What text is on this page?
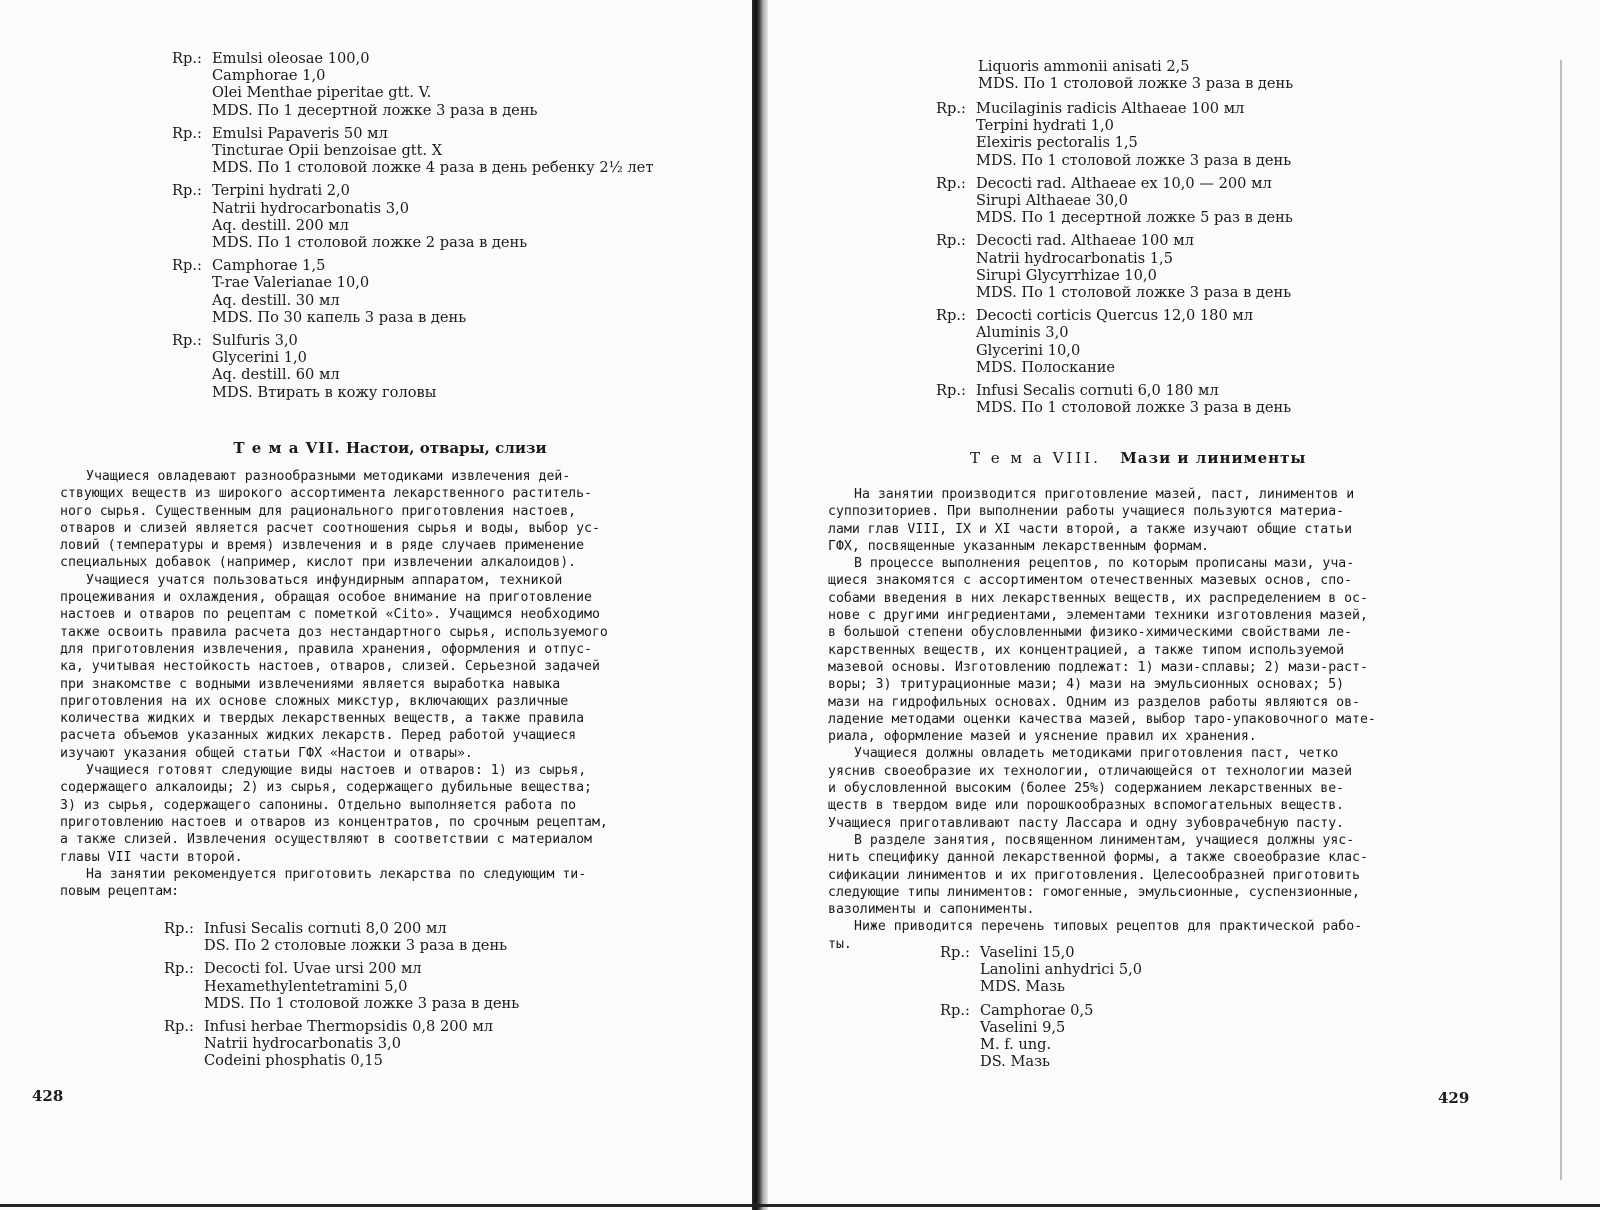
Rp.: Emulsi oleosae 100,0
Camphorae 1,0
Olei Menthae piperitae gtt. V.
MDS. По 1 десертной ложке 3 раза в день
Rp.: Emulsi Papaveris 50 мл
Tincturae Opii benzoisae gtt. X
MDS. По 1 столовой ложке 4 раза в день ребенку 2½ лет
Rp.: Terpini hydrati 2,0
Natrii hydrocarbonatis 3,0
Aq. destill. 200 мл
MDS. По 1 столовой ложке 2 раза в день
Rp.: Camphorae 1,5
T-rae Valerianae 10,0
Aq. destill. 30 мл
MDS. По 30 капель 3 раза в день
Rp.: Sulfuris 3,0
Glycerini 1,0
Aq. destill. 60 мл
MDS. Втирать в кожу головы
Т е м а VII. Настои, отвары, слизи
Учащиеся овладевают разнообразными методиками извлечения дей-
ствующих веществ из широкого ассортимента лекарственного раститель-
ного сырья. Существенным для рационального приготовления настоев,
отваров и слизей является расчет соотношения сырья и воды, выбор ус-
ловий (температуры и время) извлечения и в ряде случаев применение
специальных добавок (например, кислот при извлечении алкалоидов).
Учащиеся учатся пользоваться инфундирным аппаратом, техникой
процеживания и охлаждения, обращая особое внимание на приготовление
настоев и отваров по рецептам с пометкой «Cito». Учащимся необходимо
также освоить правила расчета доз нестандартного сырья, используемого
для приготовления извлечения, правила хранения, оформления и отпус-
ка, учитывая нестойкость настоев, отваров, слизей. Серьезной задачей
при знакомстве с водными извлечениями является выработка навыка
приготовления на их основе сложных микстур, включающих различные
количества жидких и твердых лекарственных веществ, а также правила
расчета объемов указанных жидких лекарств. Перед работой учащиеся
изучают указания общей статьи ГФХ «Настои и отвары».
Учащиеся готовят следующие виды настоев и отваров: 1) из сырья,
содержащего алкалоиды; 2) из сырья, содержащего дубильные вещества;
3) из сырья, содержащего сапонины. Отдельно выполняется работа по
приготовлению настоев и отваров из концентратов, по срочным рецептам,
а также слизей. Извлечения осуществляют в соответствии с материалом
главы VII части второй.
На занятии рекомендуется приготовить лекарства по следующим ти-
повым рецептам:
Rp.: Infusi Secalis cornuti 8,0 200 мл
DS. По 2 столовые ложки 3 раза в день
Rp.: Decocti fol. Uvae ursi 200 мл
Hexamethylentetramini 5,0
MDS. По 1 столовой ложке 3 раза в день
Rp.: Infusi herbae Thermopsidis 0,8 200 мл
Natrii hydrocarbonatis 3,0
Codeini phosphatis 0,15
428
Liquoris ammonii anisati 2,5
MDS. По 1 столовой ложке 3 раза в день
Rp.: Mucilaginis radicis Althaeae 100 мл
Terpini hydrati 1,0
Elexiris pectoralis 1,5
MDS. По 1 столовой ложке 3 раза в день
Rp.: Decocti rad. Althaeae ex 10,0 — 200 мл
Sirupi Althaeae 30,0
MDS. По 1 десертной ложке 5 раз в день
Rp.: Decocti rad. Althaeae 100 мл
Natrii hydrocarbonatis 1,5
Sirupi Glycyrrhizae 10,0
MDS. По 1 столовой ложке 3 раза в день
Rp.: Decocti corticis Quercus 12,0 180 мл
Aluminis 3,0
Glycerini 10,0
MDS. Полоскание
Rp.: Infusi Secalis cornuti 6,0 180 мл
MDS. По 1 столовой ложке 3 раза в день
Т е м а VIII. Мази и линименты
На занятии производится приготовление мазей, паст, линиментов и
суппозиториев. При выполнении работы учащиеся пользуются материа-
лами глав VIII, IX и XI части второй, а также изучают общие статьи
ГФХ, посвященные указанным лекарственным формам.
В процессе выполнения рецептов, по которым прописаны мази, уча-
щиеся знакомятся с ассортиментом отечественных мазевых основ, спо-
собами введения в них лекарственных веществ, их распределением в ос-
нове с другими ингредиентами, элементами техники изготовления мазей,
в большой степени обусловленными физико-химическими свойствами ле-
карственных веществ, их концентрацией, а также типом используемой
мазевой основы. Изготовлению подлежат: 1) мази-сплавы; 2) мази-раст-
воры; 3) тритурационные мази; 4) мази на эмульсионных основах; 5)
мази на гидрофильных основах. Одним из разделов работы являются ов-
ладение методами оценки качества мазей, выбор таро-упаковочного мате-
риала, оформление мазей и уяснение правил их хранения.
Учащиеся должны овладеть методиками приготовления паст, четко
уяснив своеобразие их технологии, отличающейся от технологии мазей
и обусловленной высоким (более 25%) содержанием лекарственных ве-
ществ в твердом виде или порошкообразных вспомогательных веществ.
Учащиеся приготавливают пасту Лассара и одну зубоврачебную пасту.
В разделе занятия, посвященном линиментам, учащиеся должны уяс-
нить специфику данной лекарственной формы, а также своеобразие клас-
сификации линиментов и их приготовления. Целесообразней приготовить
следующие типы линиментов: гомогенные, эмульсионные, суспензионные,
вазолименты и сапонименты.
Ниже приводится перечень типовых рецептов для практической рабо-
ты.	Rp.: Vaselini 15,0
Lanolini anhydrici 5,0
MDS. Мазь
Rp.: Camphorae 0,5
Vaselini 9,5
M. f. ung.
DS. Мазь
429
